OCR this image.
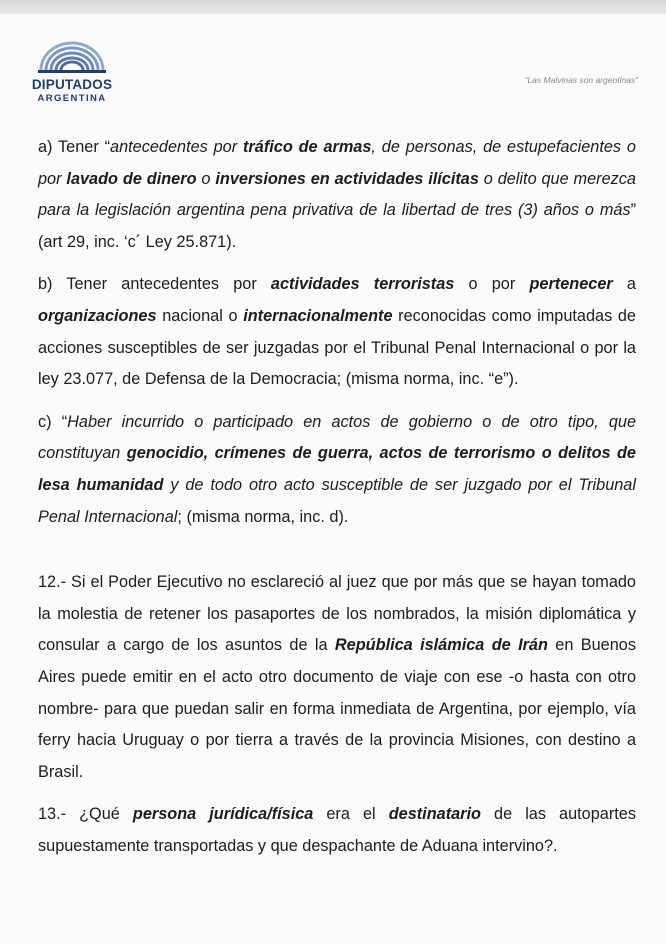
DIPUTADOS
ARGENTINA
“Las Malvinas son argentinas”

a) Tener “antecedentes por tráfico de armas, de personas, de estupefacientes o por lavado de dinero o inversiones en actividades ilícitas o delito que merezca para la legislación argentina pena privativa de la libertad de tres (3) años o más” (art 29, inc. ‘c´ Ley 25.871).

b) Tener antecedentes por actividades terroristas o por pertenecer a organizaciones nacional o internacionalmente reconocidas como imputadas de acciones susceptibles de ser juzgadas por el Tribunal Penal Internacional o por la ley 23.077, de Defensa de la Democracia; (misma norma, inc. “e”).

c) “Haber incurrido o participado en actos de gobierno o de otro tipo, que constituyan genocidio, crímenes de guerra, actos de terrorismo o delitos de lesa humanidad y de todo otro acto susceptible de ser juzgado por el Tribunal Penal Internacional; (misma norma, inc. d).

12.- Si el Poder Ejecutivo no esclareció al juez que por más que se hayan tomado la molestia de retener los pasaportes de los nombrados, la misión diplomática y consular a cargo de los asuntos de la República islámica de Irán en Buenos Aires puede emitir en el acto otro documento de viaje con ese -o hasta con otro nombre- para que puedan salir en forma inmediata de Argentina, por ejemplo, vía ferry hacia Uruguay o por tierra a través de la provincia Misiones, con destino a Brasil.

13.- ¿Qué persona jurídica/física era el destinatario de las autopartes supuestamente transportadas y que despachante de Aduana intervino?.
